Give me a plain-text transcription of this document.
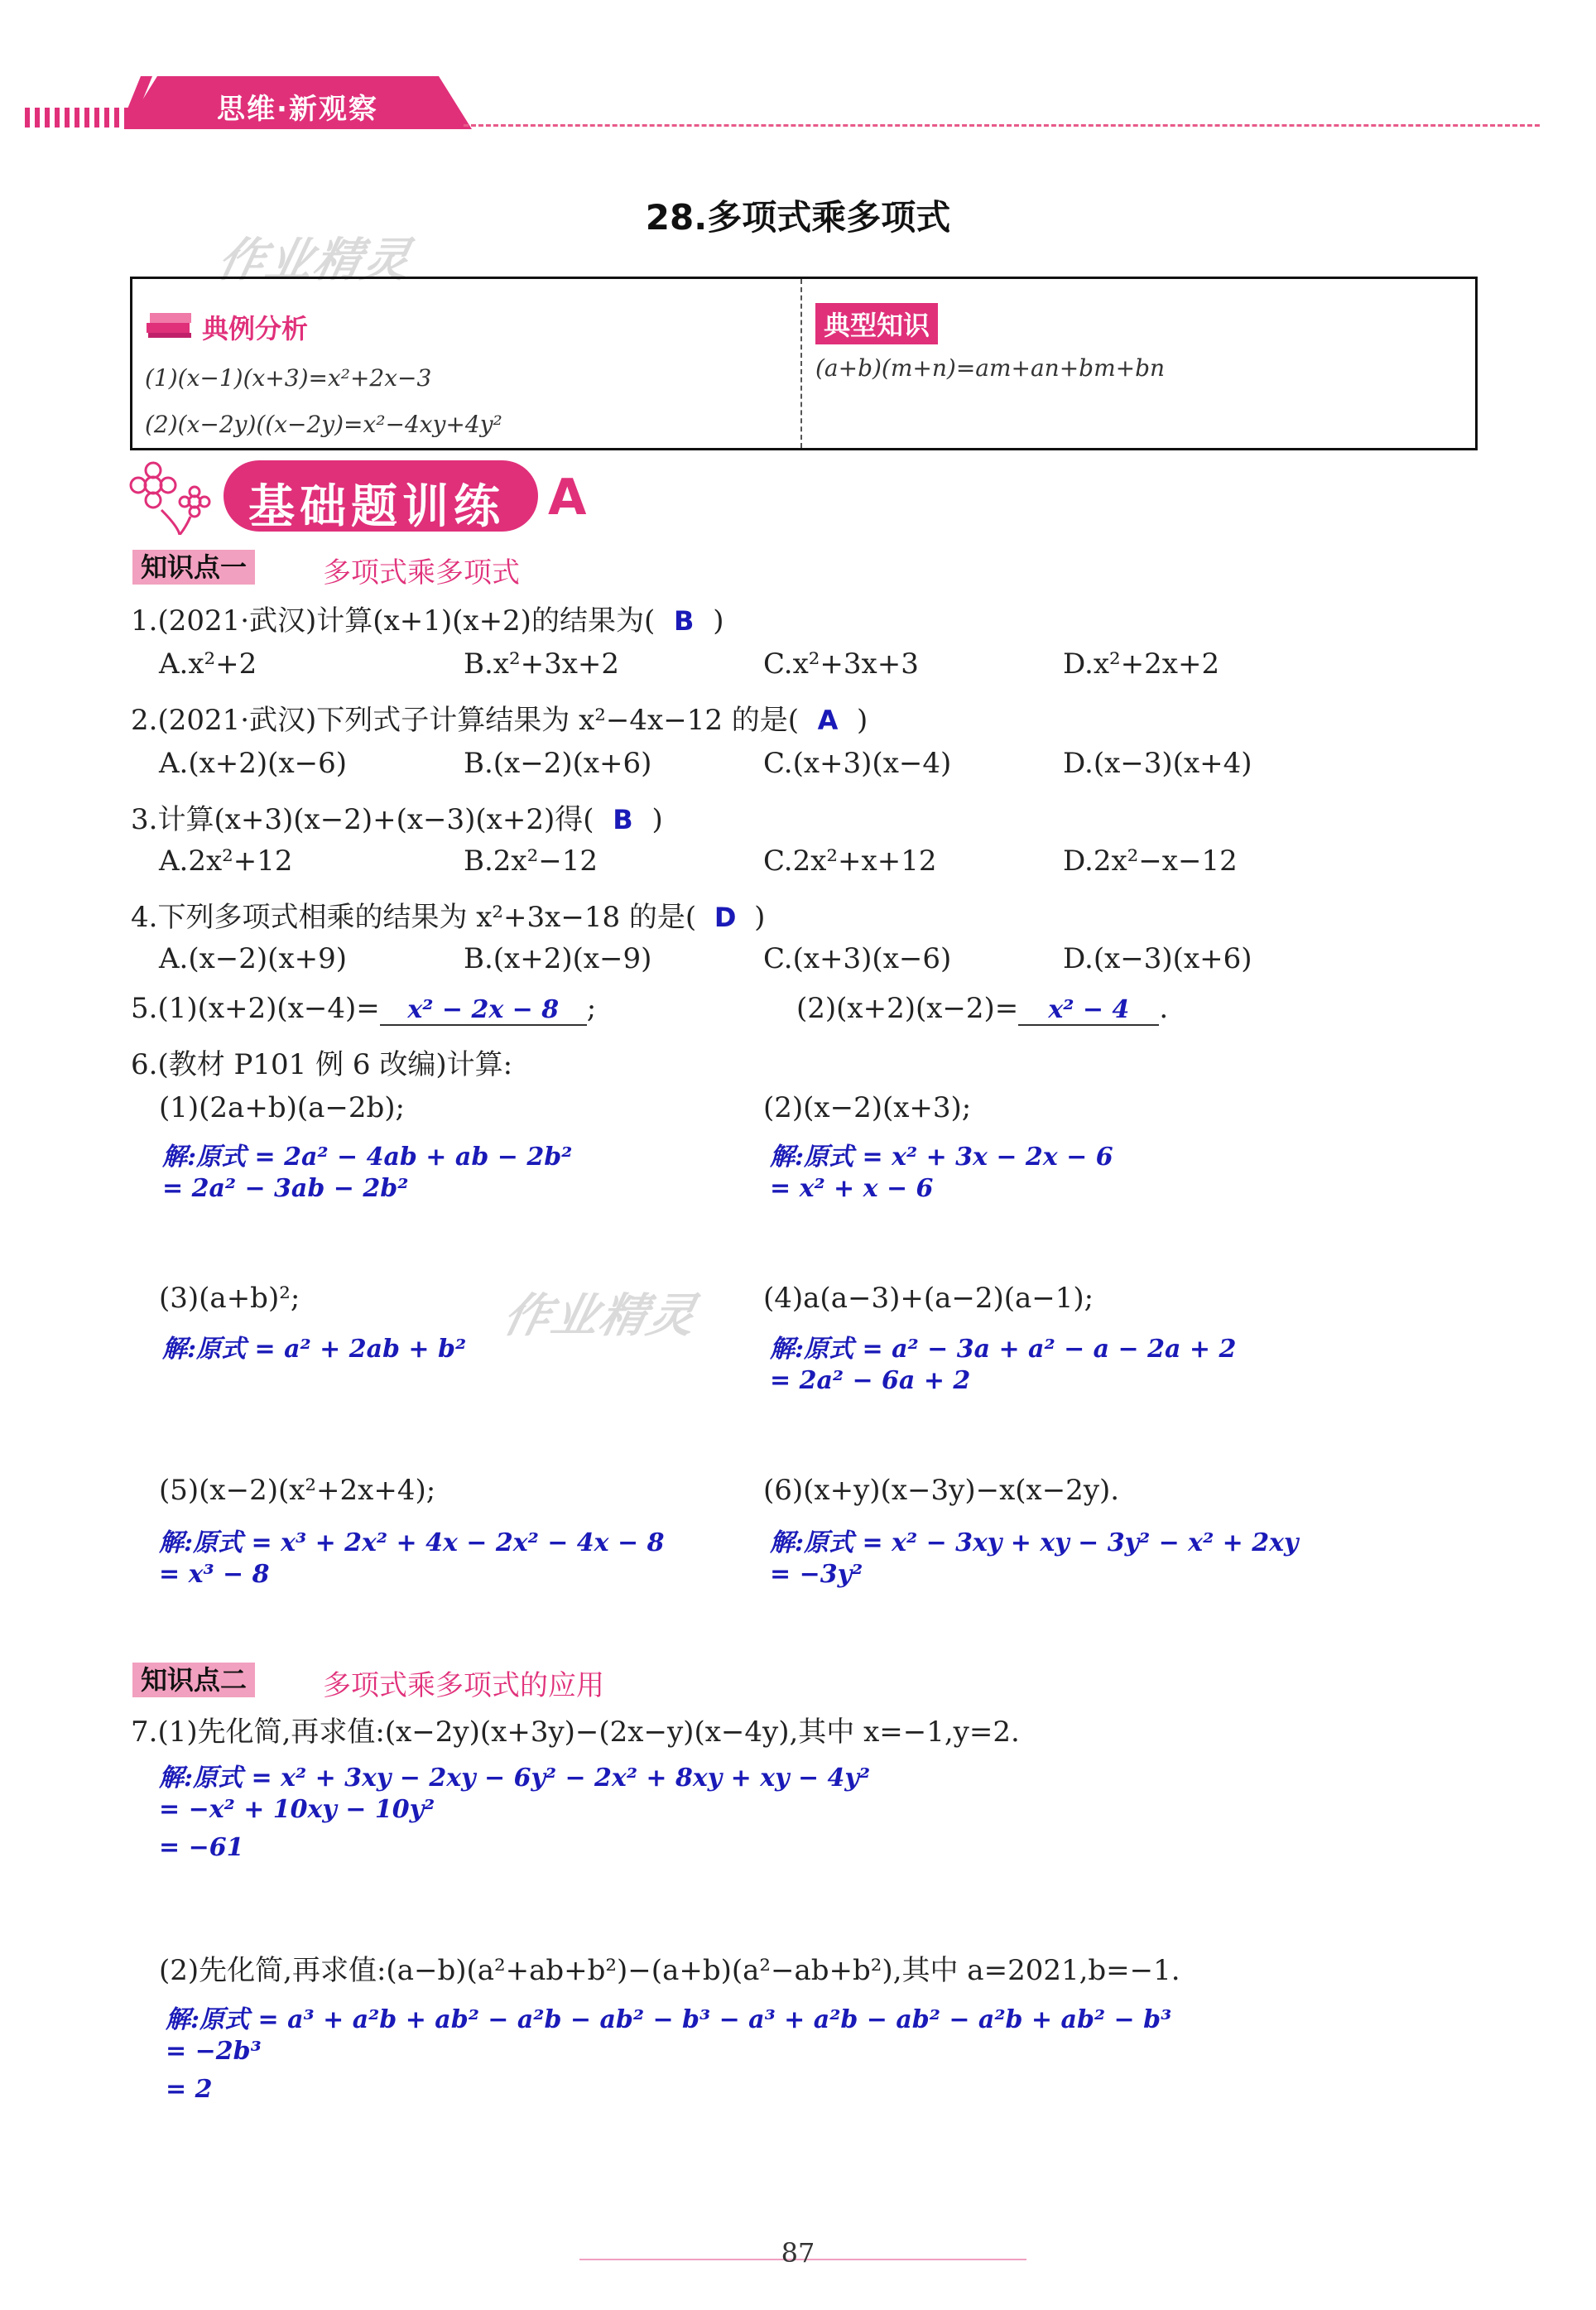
思维·新观察
28.多项式乘多项式
作业精灵
典例分析
(1)(x−1)(x+3)=x²+2x−3
(2)(x−2y)((x−2y)=x²−4xy+4y²
典型知识
(a+b)(m+n)=am+an+bm+bn
基础题训练 A
知识点一	多项式乘多项式
1.(2021·武汉)计算(x+1)(x+2)的结果为( B )
A.x²+2	B.x²+3x+2	C.x²+3x+3	D.x²+2x+2
2.(2021·武汉)下列式子计算结果为 x²−4x−12 的是( A )
A.(x+2)(x−6)	B.(x−2)(x+6)	C.(x+3)(x−4)	D.(x−3)(x+4)
3.计算(x+3)(x−2)+(x−3)(x+2)得( B )
A.2x²+12	B.2x²−12	C.2x²+x+12	D.2x²−x−12
4.下列多项式相乘的结果为 x²+3x−18 的是( D )
A.(x−2)(x+9)	B.(x+2)(x−9)	C.(x+3)(x−6)	D.(x−3)(x+6)
5.(1)(x+2)(x−4)= x² − 2x − 8 ;	(2)(x+2)(x−2)= x² − 4 .
6.(教材 P101 例 6 改编)计算:
(1)(2a+b)(a−2b);
解:原式 = 2a² − 4ab + ab − 2b²
= 2a² − 3ab − 2b²
(2)(x−2)(x+3);
解:原式 = x² + 3x − 2x − 6
= x² + x − 6
(3)(a+b)²;
解:原式 = a² + 2ab + b²
作业精灵 (4)a(a−3)+(a−2)(a−1);
解:原式 = a² − 3a + a² − a − 2a + 2
= 2a² − 6a + 2
(5)(x−2)(x²+2x+4);
解:原式 = x³ + 2x² + 4x − 2x² − 4x − 8
= x³ − 8
(6)(x+y)(x−3y)−x(x−2y).
解:原式 = x² − 3xy + xy − 3y² − x² + 2xy
= −3y²
知识点二	多项式乘多项式的应用
7.(1)先化简,再求值:(x−2y)(x+3y)−(2x−y)(x−4y),其中 x=−1,y=2.
解:原式 = x² + 3xy − 2xy − 6y² − 2x² + 8xy + xy − 4y²
= −x² + 10xy − 10y²
= −61
(2)先化简,再求值:(a−b)(a²+ab+b²)−(a+b)(a²−ab+b²),其中 a=2021,b=−1.
解:原式 = a³ + a²b + ab² − a²b − ab² − b³ − a³ + a²b − ab² − a²b + ab² − b³
= −2b³
= 2
87
